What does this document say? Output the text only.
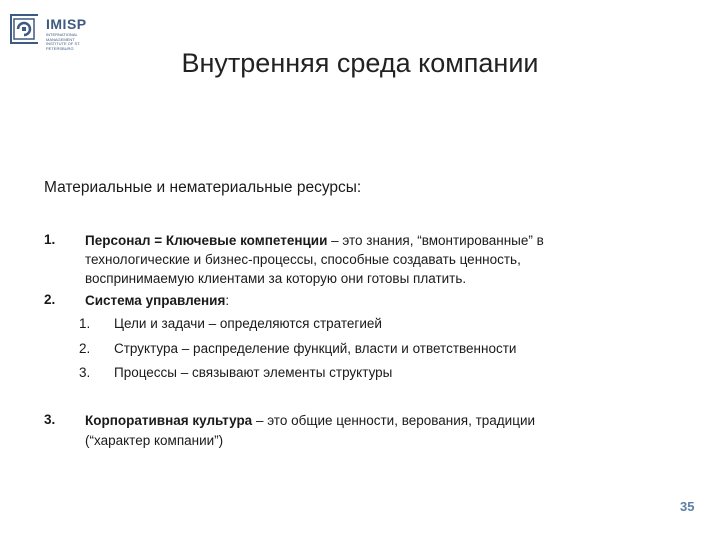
IMISP
INTERNATIONAL MANAGEMENT INSTITUTE OF ST. PETERSBURG	Внутренняя среда компании
Материальные и нематериальные ресурсы:
1. Персонал = Ключевые компетенции – это знания, “вмонтированные” в
технологические и бизнес-процессы, способные создавать ценность,
воспринимаемую клиентами за которую они готовы платить.
2. Система управления:
1. Цели и задачи – определяются стратегией
2. Структура – распределение функций, власти и ответственности
3. Процессы – связывают элементы структуры
3. Корпоративная культура – это общие ценности, верования, традиции
(“характер компании”)
35
